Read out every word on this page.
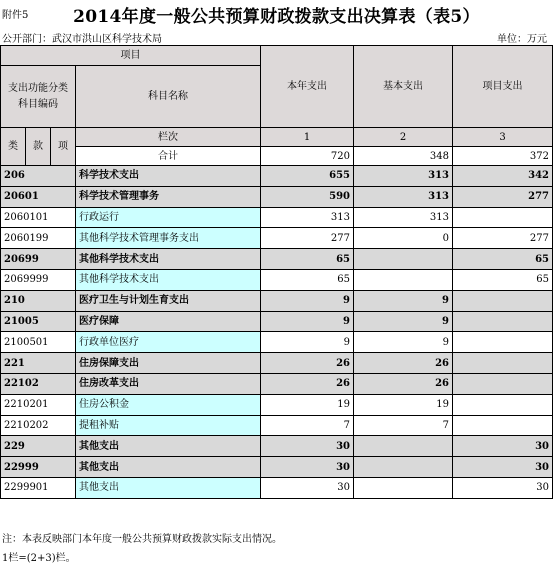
附件5	2014年度一般公共预算财政拨款支出决算表（表5）
公开部门：武汉市洪山区科学技术局	单位：万元
项目				本年支出	基本支出	项目支出
支出功能分类科目编码			科目名称			

类	款	项	栏次	1	2	3
			合计	720	348	372
206			科学技术支出	655	313	342
20601			科学技术管理事务	590	313	277
2060101			行政运行	313	313	
2060199			其他科学技术管理事务支出	277	0	277
20699			其他科学技术支出	65		65
2069999			其他科学技术支出	65		65
210			医疗卫生与计划生育支出	9	9	
21005			医疗保障	9	9	
2100501			行政单位医疗	9	9	
221			住房保障支出	26	26	
22102			住房改革支出	26	26	
2210201			住房公积金	19	19	
2210202			提租补贴	7	7	
229			其他支出	30		30
22999			其他支出	30		30
2299901			其他支出	30		30
注：本表反映部门本年度一般公共预算财政拨款实际支出情况。
1栏=(2+3)栏。
